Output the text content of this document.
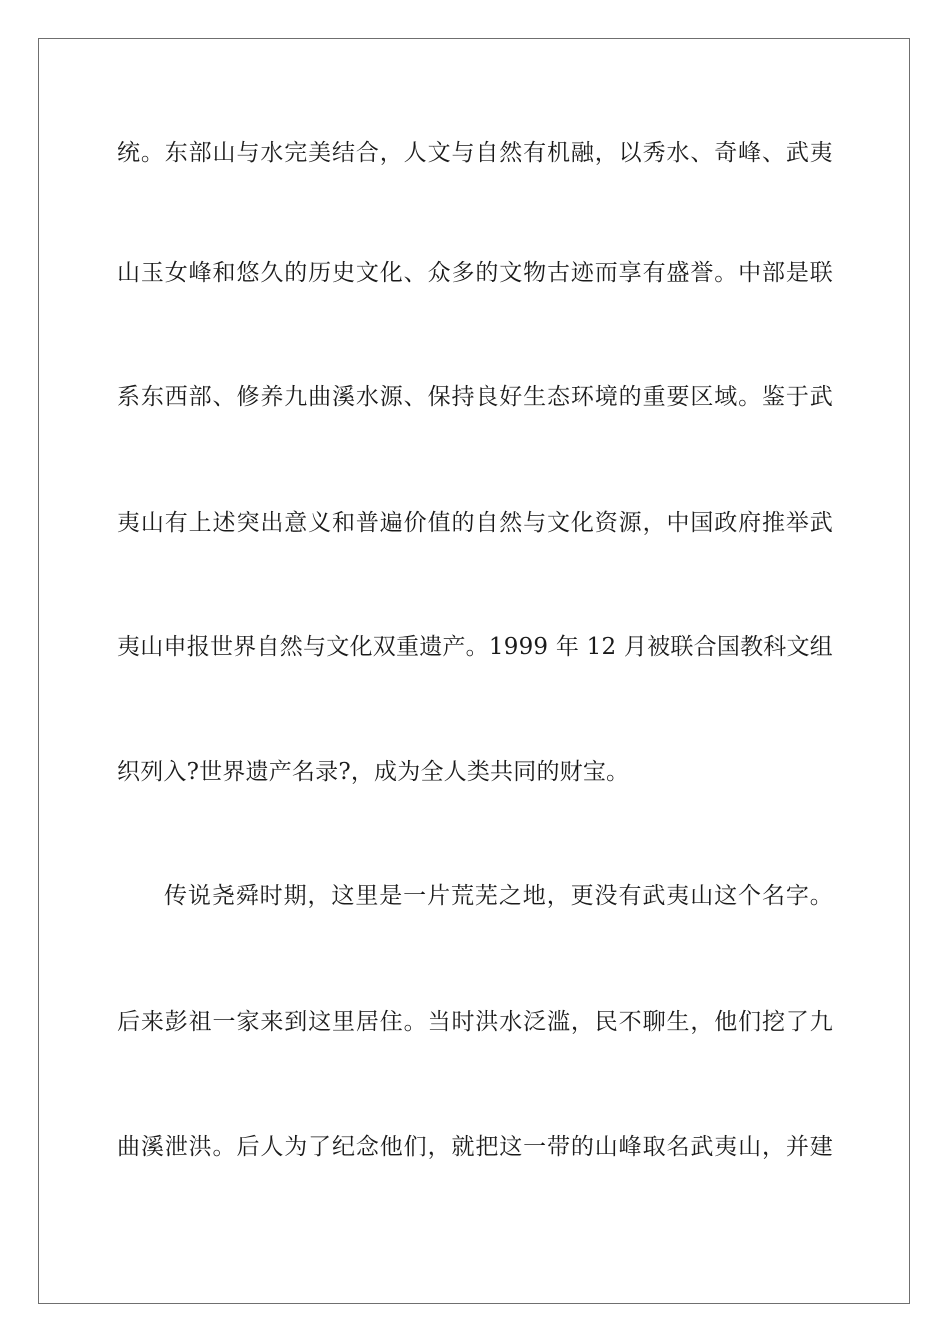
统。东部山与水完美结合，人文与自然有机融，以秀水、奇峰、武夷
山玉女峰和悠久的历史文化、众多的文物古迹而享有盛誉。中部是联
系东西部、修养九曲溪水源、保持良好生态环境的重要区域。鉴于武
夷山有上述突出意义和普遍价值的自然与文化资源，中国政府推举武
夷山申报世界自然与文化双重遗产。1999 年 12 月被联合国教科文组
织列入?世界遗产名录?，成为全人类共同的财宝。
传说尧舜时期，这里是一片荒芜之地，更没有武夷山这个名字。
后来彭祖一家来到这里居住。当时洪水泛滥，民不聊生，他们挖了九
曲溪泄洪。后人为了纪念他们，就把这一带的山峰取名武夷山，并建
